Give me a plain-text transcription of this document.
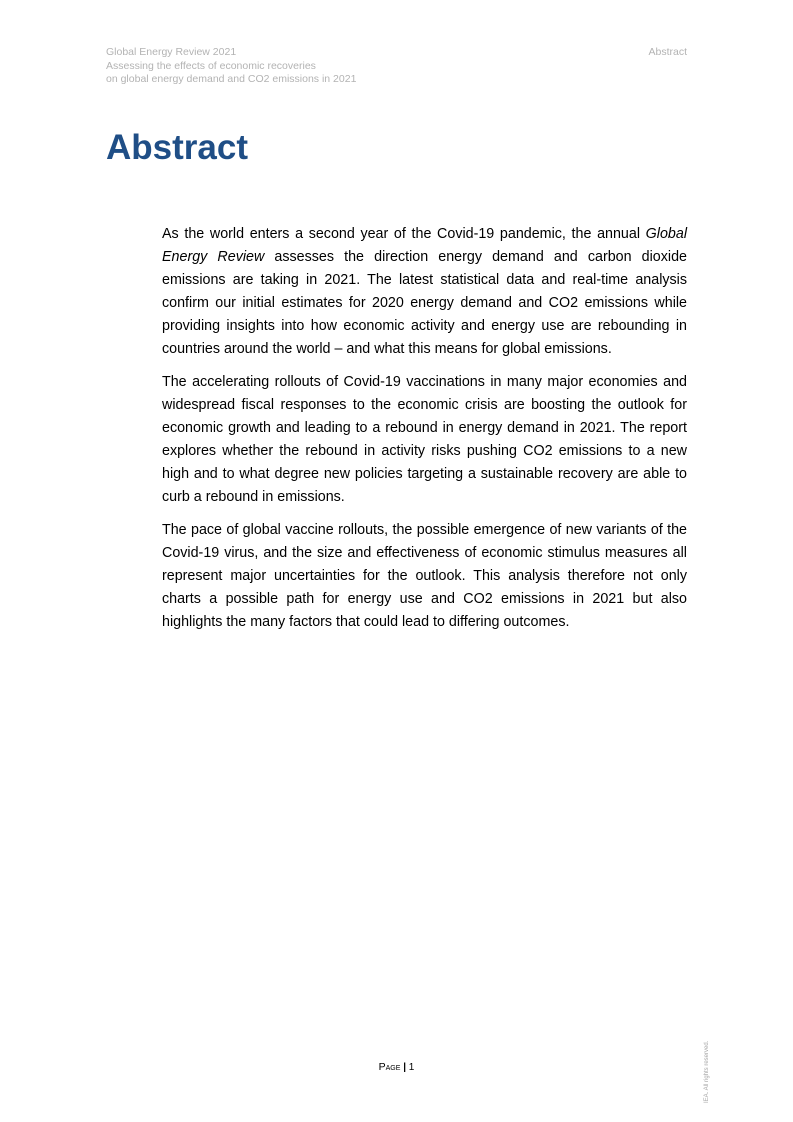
Global Energy Review 2021
Assessing the effects of economic recoveries
on global energy demand and CO2 emissions in 2021
Abstract
Abstract

As the world enters a second year of the Covid-19 pandemic, the annual Global Energy Review assesses the direction energy demand and carbon dioxide emissions are taking in 2021. The latest statistical data and real-time analysis confirm our initial estimates for 2020 energy demand and CO2 emissions while providing insights into how economic activity and energy use are rebounding in countries around the world – and what this means for global emissions.

The accelerating rollouts of Covid-19 vaccinations in many major economies and widespread fiscal responses to the economic crisis are boosting the outlook for economic growth and leading to a rebound in energy demand in 2021. The report explores whether the rebound in activity risks pushing CO2 emissions to a new high and to what degree new policies targeting a sustainable recovery are able to curb a rebound in emissions.

The pace of global vaccine rollouts, the possible emergence of new variants of the Covid-19 virus, and the size and effectiveness of economic stimulus measures all represent major uncertainties for the outlook. This analysis therefore not only charts a possible path for energy use and CO2 emissions in 2021 but also highlights the many factors that could lead to differing outcomes.

Page | 1	IEA. All rights reserved.
